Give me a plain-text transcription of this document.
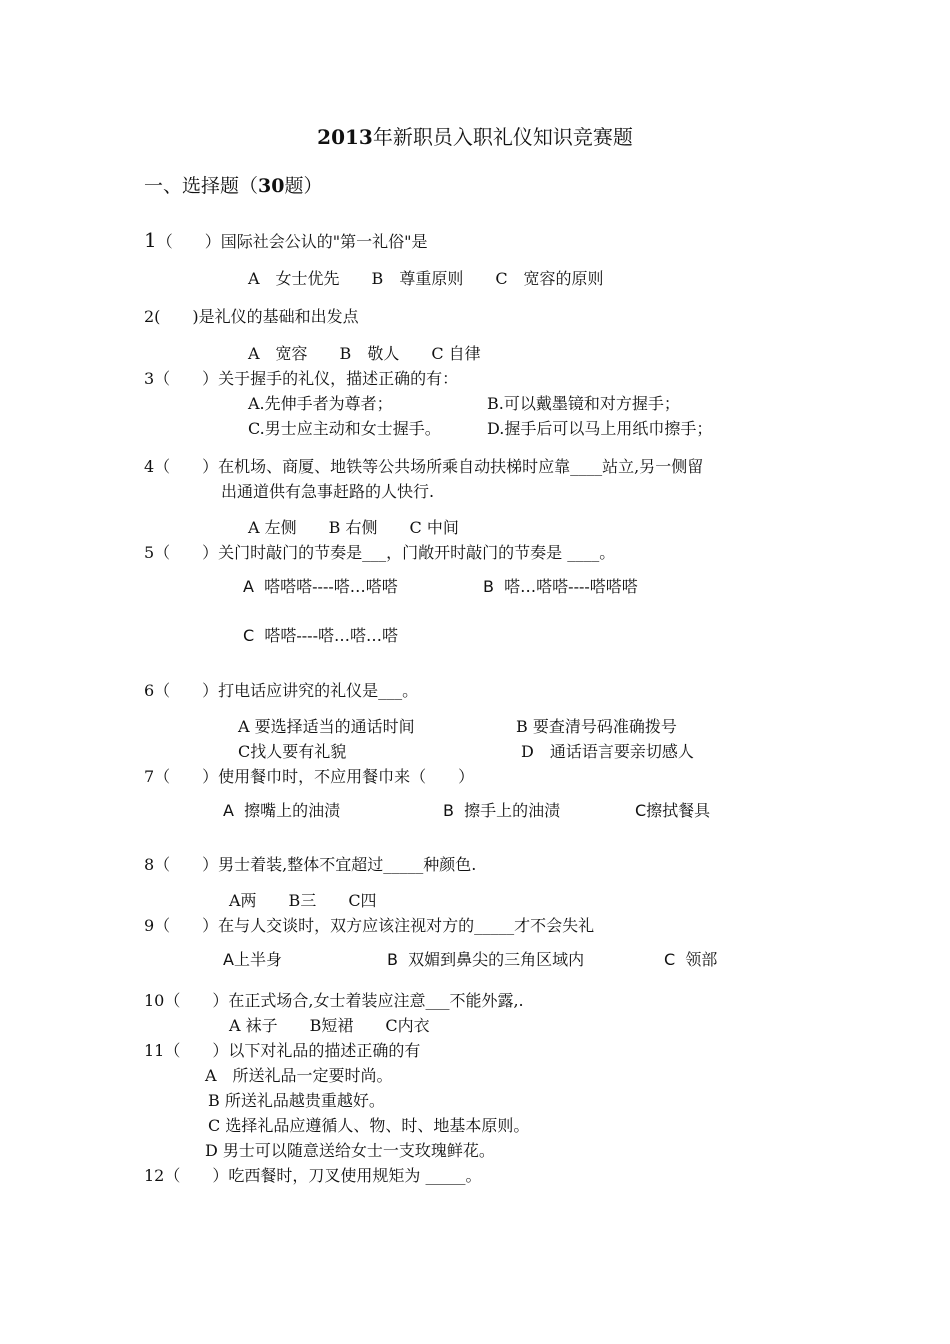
2013年新职员入职礼仪知识竞赛题
一、选择题（30题）
1（　　）国际社会公认的"第一礼俗"是
A　女士优先　　B　尊重原则　　C　宽容的原则
2(　　)是礼仪的基础和出发点
A　宽容　　B　敬人　　C 自律
3（　　）关于握手的礼仪，描述正确的有：
A.先伸手者为尊者；	B.可以戴墨镜和对方握手；
C.男士应主动和女士握手。	D.握手后可以马上用纸巾擦手；
4（　　）在机场、商厦、地铁等公共场所乘自动扶梯时应靠____站立,另一侧留
出通道供有急事赶路的人快行.
A 左侧　　B 右侧　　C 中间
5（　　）关门时敲门的节奏是___，门敞开时敲门的节奏是 ____。
A 嗒嗒嗒----嗒…嗒嗒	B 嗒…嗒嗒----嗒嗒嗒
C 嗒嗒----嗒…嗒…嗒
6（　　）打电话应讲究的礼仪是___。
A 要选择适当的通话时间	B 要查清号码准确拨号
C找人要有礼貌	D　通话语言要亲切感人
7（　　）使用餐巾时，不应用餐巾来（　　）
A 擦嘴上的油渍	B 擦手上的油渍	C擦拭餐具
8（　　）男士着装,整体不宜超过_____种颜色.
A两　　B三　　C四
9（　　）在与人交谈时，双方应该注视对方的_____才不会失礼
A上半身	B 双媚到鼻尖的三角区域内	C 领部
10（　　）在正式场合,女士着装应注意___不能外露,.
A 袜子　　B短裙　　C内衣
11（　　）以下对礼品的描述正确的有
A　所送礼品一定要时尚。
B 所送礼品越贵重越好。
C 选择礼品应遵循人、物、时、地基本原则。
D 男士可以随意送给女士一支玫瑰鲜花。
12（　　）吃西餐时，刀叉使用规矩为 _____。
